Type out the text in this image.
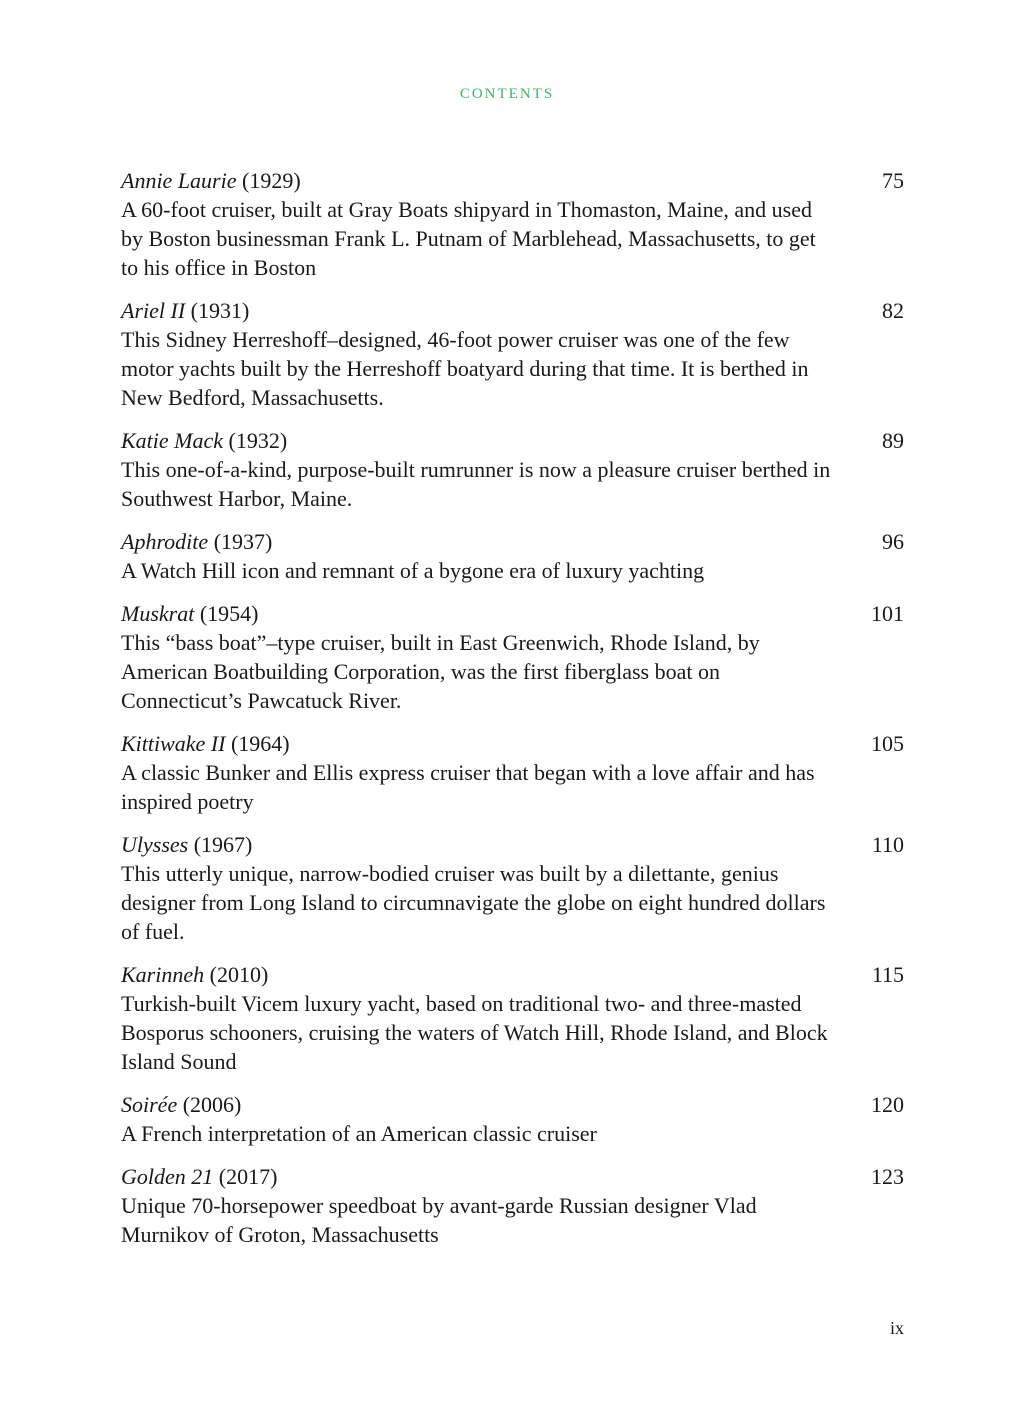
contents
Annie Laurie (1929)	75
A 60-foot cruiser, built at Gray Boats shipyard in Thomaston, Maine, and used by Boston businessman Frank L. Putnam of Marblehead, Massachusetts, to get to his office in Boston
Ariel II (1931)	82
This Sidney Herreshoff–designed, 46-foot power cruiser was one of the few motor yachts built by the Herreshoff boatyard during that time. It is berthed in New Bedford, Massachusetts.
Katie Mack (1932)	89
This one-of-a-kind, purpose-built rumrunner is now a pleasure cruiser berthed in Southwest Harbor, Maine.
Aphrodite (1937)	96
A Watch Hill icon and remnant of a bygone era of luxury yachting
Muskrat (1954)	101
This “bass boat”–type cruiser, built in East Greenwich, Rhode Island, by American Boatbuilding Corporation, was the first fiberglass boat on Connecticut’s Pawcatuck River.
Kittiwake II (1964)	105
A classic Bunker and Ellis express cruiser that began with a love affair and has inspired poetry
Ulysses (1967)	110
This utterly unique, narrow-bodied cruiser was built by a dilettante, genius designer from Long Island to circumnavigate the globe on eight hundred dollars of fuel.
Karinneh (2010)	115
Turkish-built Vicem luxury yacht, based on traditional two- and three-masted Bosporus schooners, cruising the waters of Watch Hill, Rhode Island, and Block Island Sound
Soirée (2006)	120
A French interpretation of an American classic cruiser
Golden 21 (2017)	123
Unique 70-horsepower speedboat by avant-garde Russian designer Vlad Murnikov of Groton, Massachusetts
ix
